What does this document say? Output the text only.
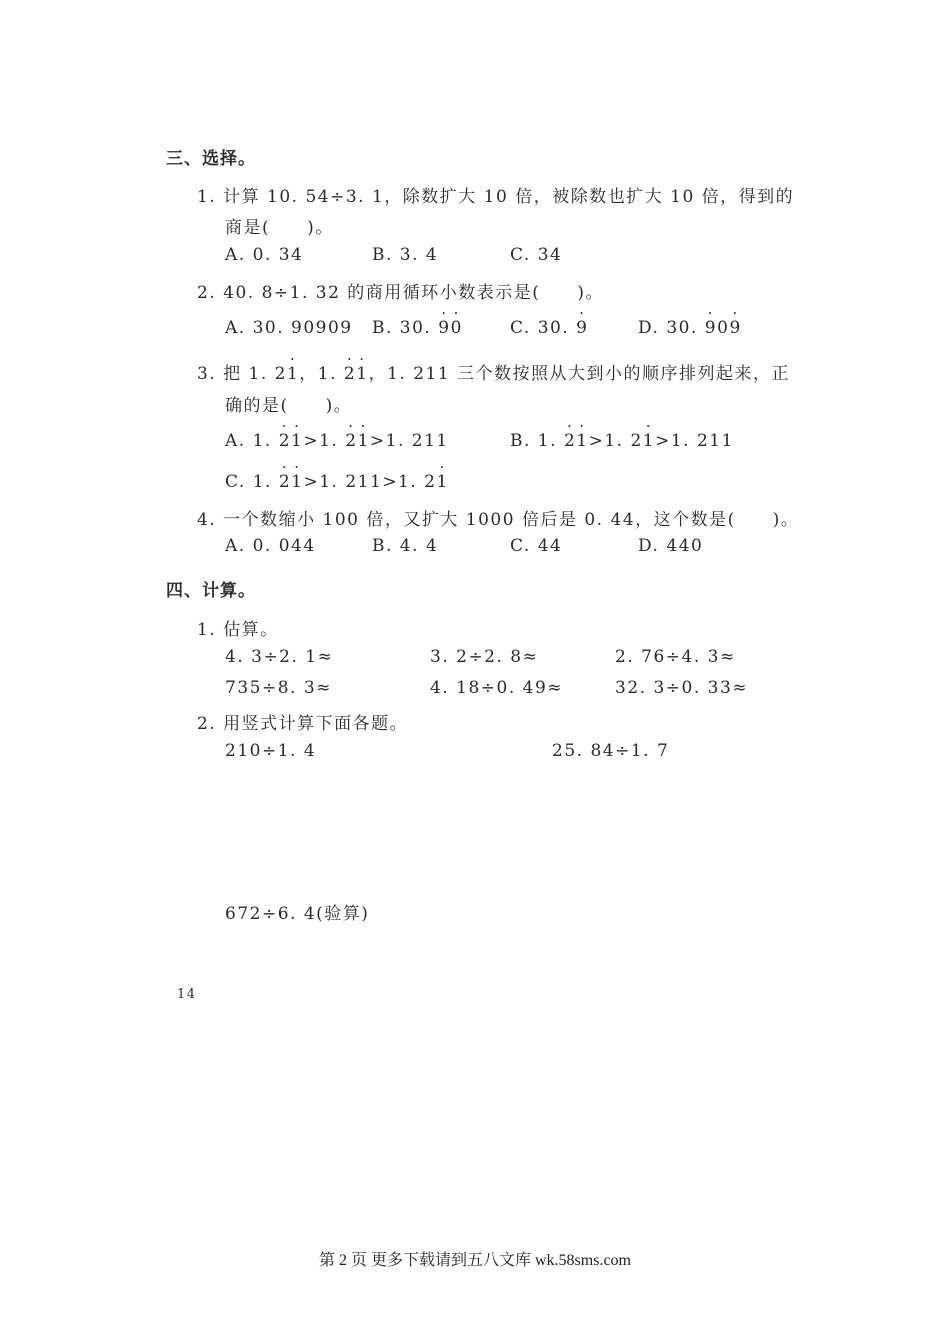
三、选择。
1. 计算 10. 54÷3. 1，除数扩大 10 倍，被除数也扩大 10 倍，得到的
商是(　　)。
A. 0. 34	B. 3. 4	C. 34
2. 40. 8÷1. 32 的商用循环小数表示是(　　)。
A. 30. 90909 B. 30. · 9· 0	C. 30. · 9	D. 30. · 90· 9
3. 把 1. 2· 1，1. · 2· 1，1. 211 三个数按照从大到小的顺序排列起来，正
确的是(　　)。
A. 1. · 2· 1>1. · 2· 1>1. 211	B. 1. · 2· 1>1. 2· 1>1. 211
C. 1. · 2· 1>1. 211>1. 2· 1
4. 一个数缩小 100 倍，又扩大 1000 倍后是 0. 44，这个数是(　　)。
A. 0. 044	B. 4. 4	C. 44	D. 440
四、计算。
1. 估算。
4. 3÷2. 1≈	3. 2÷2. 8≈	2. 76÷4. 3≈
735÷8. 3≈	4. 18÷0. 49≈	32. 3÷0. 33≈
2. 用竖式计算下面各题。
210÷1. 4	25. 84÷1. 7
672÷6. 4(验算)
14
第 2 页 更多下载请到五八文库 wk.58sms.com
